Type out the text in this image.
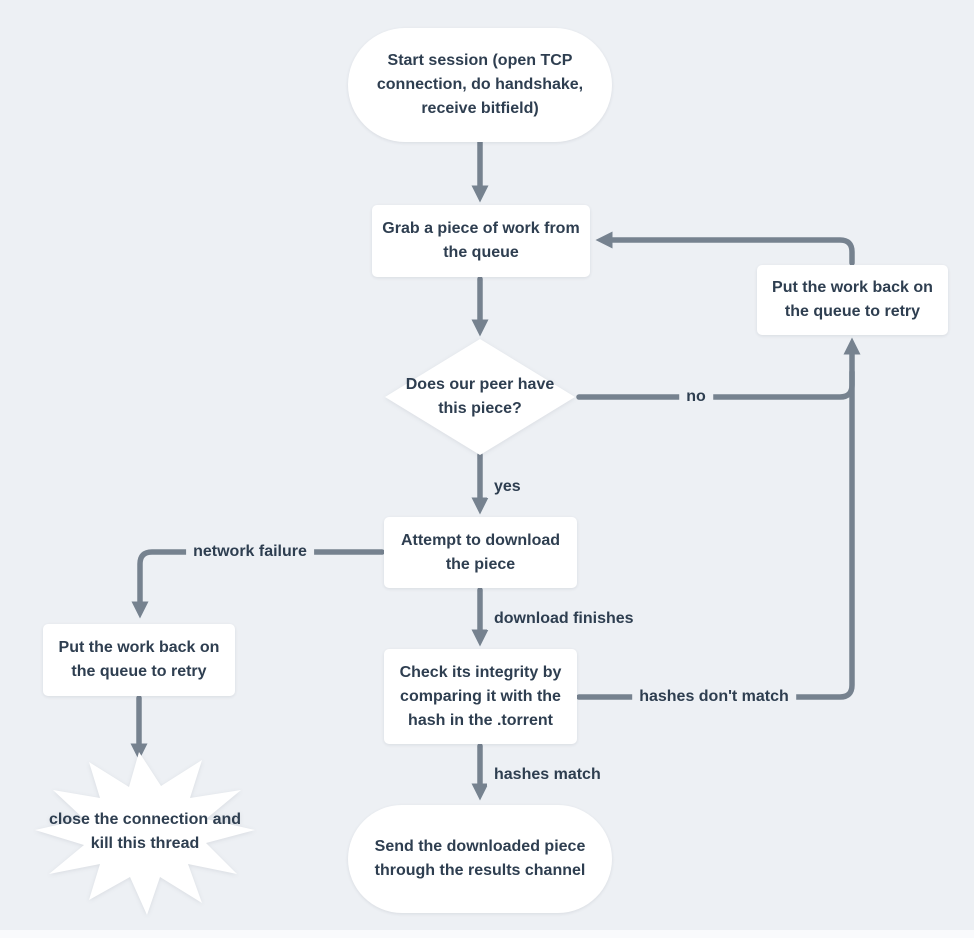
Start session (open TCP connection, do handshake, receive bitfield)
Grab a piece of work from the queue
Does our peer have this piece?
Put the work back on the queue to retry
Attempt to download the piece
Put the work back on the queue to retry	Check its integrity by comparing it with the hash in the .torrent
close the connection and kill this thread	Send the downloaded piece through the results channel
yes
no
network failure
download finishes
hashes don't match
hashes match
